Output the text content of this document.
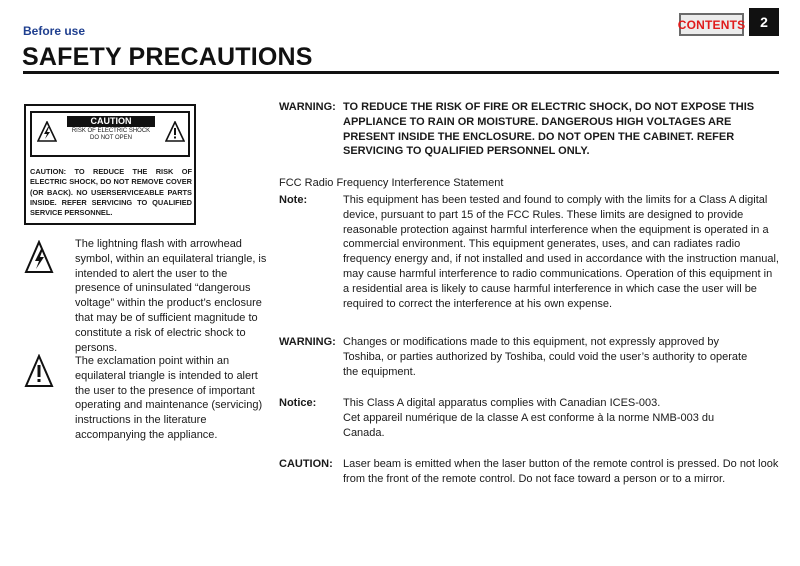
Before use	CONTENTS	2
SAFETY PRECAUTIONS
CAUTION
RISK OF ELECTRIC SHOCK
DO NOT OPEN
CAUTION: TO REDUCE THE RISK OF ELECTRIC SHOCK, DO NOT REMOVE COVER (OR BACK). NO USERSERVICEABLE PARTS INSIDE. REFER SERVICING TO QUALIFIED SERVICE PERSONNEL.
The lightning flash with arrowhead symbol, within an equilateral triangle, is intended to alert the user to the presence of uninsulated “dangerous voltage” within the product’s enclosure that may be of sufficient magnitude to constitute a risk of electric shock to persons.
The exclamation point within an equilateral triangle is intended to alert the user to the presence of important operating and maintenance (servicing) instructions in the literature accompanying the appliance.
WARNING: TO REDUCE THE RISK OF FIRE OR ELECTRIC SHOCK, DO NOT EXPOSE THIS APPLIANCE TO RAIN OR MOISTURE. DANGEROUS HIGH VOLTAGES ARE PRESENT INSIDE THE ENCLOSURE. DO NOT OPEN THE CABINET. REFER SERVICING TO QUALIFIED PERSONNEL ONLY.
FCC Radio Frequency Interference Statement
Note:	This equipment has been tested and found to comply with the limits for a Class A digital device, pursuant to part 15 of the FCC Rules. These limits are designed to provide reasonable protection against harmful interference when the equipment is operated in a commercial environment. This equipment generates, uses, and can radiates radio frequency energy and, if not installed and used in accordance with the instruction manual, may cause harmful interference to radio communications. Operation of this equipment in a residential area is likely to cause harmful interference in which case the user will be required to correct the interference at his own expense.
WARNING: Changes or modifications made to this equipment, not expressly approved by Toshiba, or parties authorized by Toshiba, could void the user’s authority to operate the equipment.
Notice: This Class A digital apparatus complies with Canadian ICES-003.
Cet appareil numérique de la classe A est conforme à la norme NMB-003 du Canada.
CAUTION: Laser beam is emitted when the laser button of the remote control is pressed. Do not look from the front of the remote control. Do not face toward a person or to a mirror.
